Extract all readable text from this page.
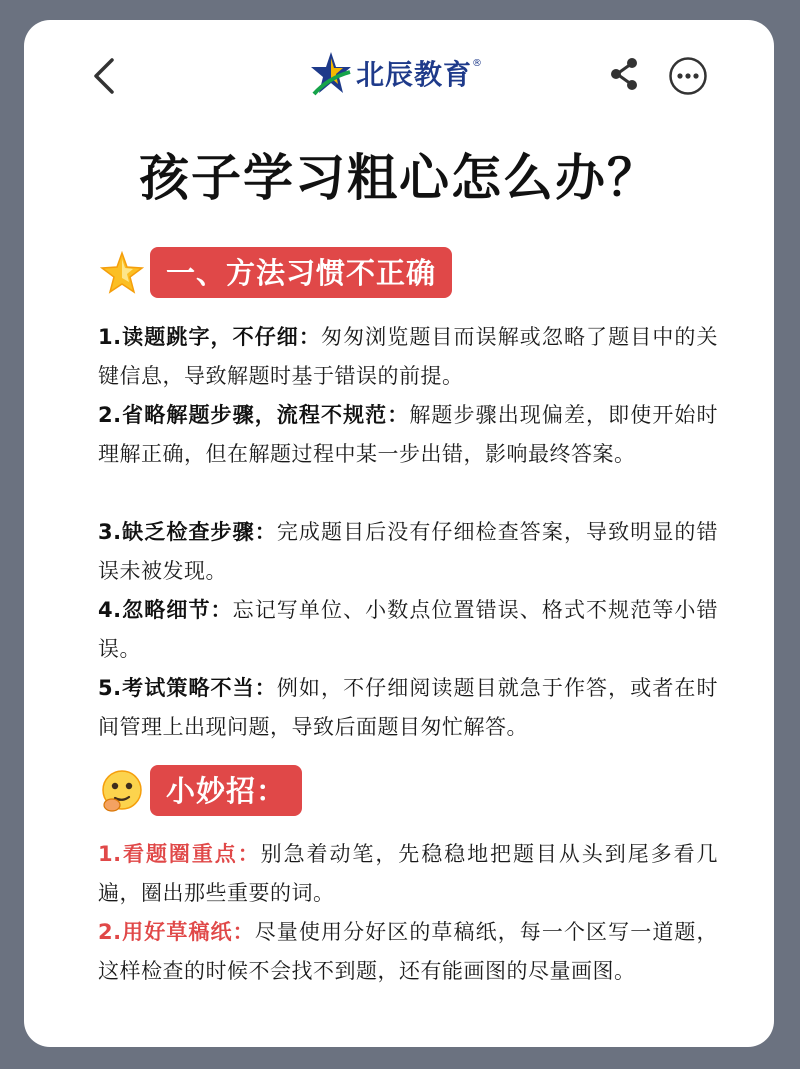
北辰教育 ®
孩子学习粗心怎么办？
一、方法习惯不正确
1.读题跳字，不仔细：匆匆浏览题目而误解或忽略了题目中的关键信息，导致解题时基于错误的前提。
2.省略解题步骤，流程不规范：解题步骤出现偏差，即使开始时理解正确，但在解题过程中某一步出错，影响最终答案。
3.缺乏检查步骤：完成题目后没有仔细检查答案，导致明显的错误未被发现。
4.忽略细节：忘记写单位、小数点位置错误、格式不规范等小错误。
5.考试策略不当：例如，不仔细阅读题目就急于作答，或者在时间管理上出现问题，导致后面题目匆忙解答。
小妙招：
1.看题圈重点：别急着动笔，先稳稳地把题目从头到尾多看几遍，圈出那些重要的词。
2.用好草稿纸：尽量使用分好区的草稿纸，每一个区写一道题，这样检查的时候不会找不到题，还有能画图的尽量画图。
